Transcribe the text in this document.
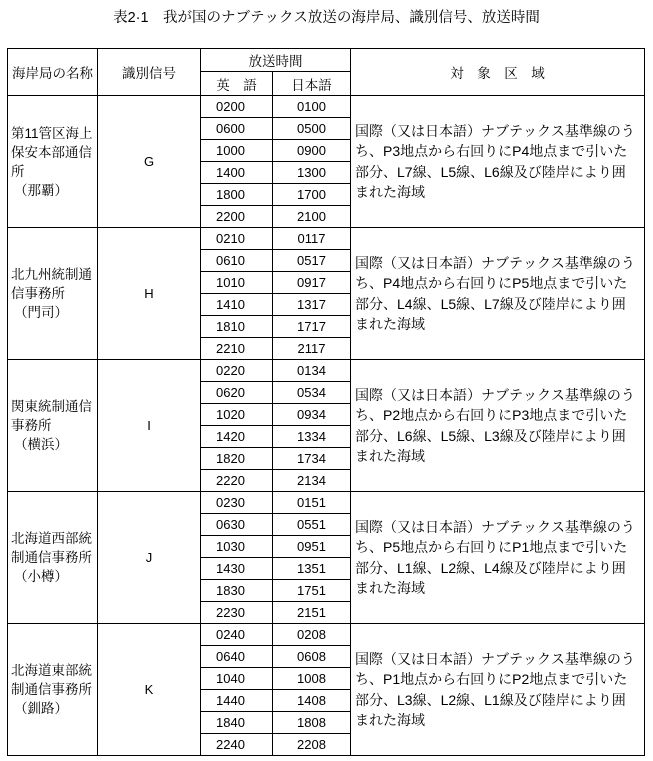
表2·1　我が国のナブテックス放送の海岸局、識別信号、放送時間
海岸局の名称	識別信号
放送時間
英　語	日本語
対　象　区　域
第11管区海上
保安本部通信
所
（那覇）
G
0200	0100
0600	0500
1000	0900
1400	1300
1800	1700
2200	2100
国際（又は日本語）ナブテックス基準線のう
ち、P3地点から右回りにP4地点まで引いた
部分、L7線、L5線、L6線及び陸岸により囲
まれた海域
北九州統制通
信事務所
（門司）
H
0210	0117
0610	0517
1010	0917
1410	1317
1810	1717
2210	2117
国際（又は日本語）ナブテックス基準線のう
ち、P4地点から右回りにP5地点まで引いた
部分、L4線、L5線、L7線及び陸岸により囲
まれた海域
関東統制通信
事務所
（横浜）
I
0220	0134
0620	0534
1020	0934
1420	1334
1820	1734
2220	2134
国際（又は日本語）ナブテックス基準線のう
ち、P2地点から右回りにP3地点まで引いた
部分、L6線、L5線、L3線及び陸岸により囲
まれた海域
北海道西部統
制通信事務所
（小樽）
J
0230	0151
0630	0551
1030	0951
1430	1351
1830	1751
2230	2151
国際（又は日本語）ナブテックス基準線のう
ち、P5地点から右回りにP1地点まで引いた
部分、L1線、L2線、L4線及び陸岸により囲
まれた海域
北海道東部統
制通信事務所
（釧路）
K
0240	0208
0640	0608
1040	1008
1440	1408
1840	1808
2240	2208
国際（又は日本語）ナブテックス基準線のう
ち、P1地点から右回りにP2地点まで引いた
部分、L3線、L2線、L1線及び陸岸により囲
まれた海域
